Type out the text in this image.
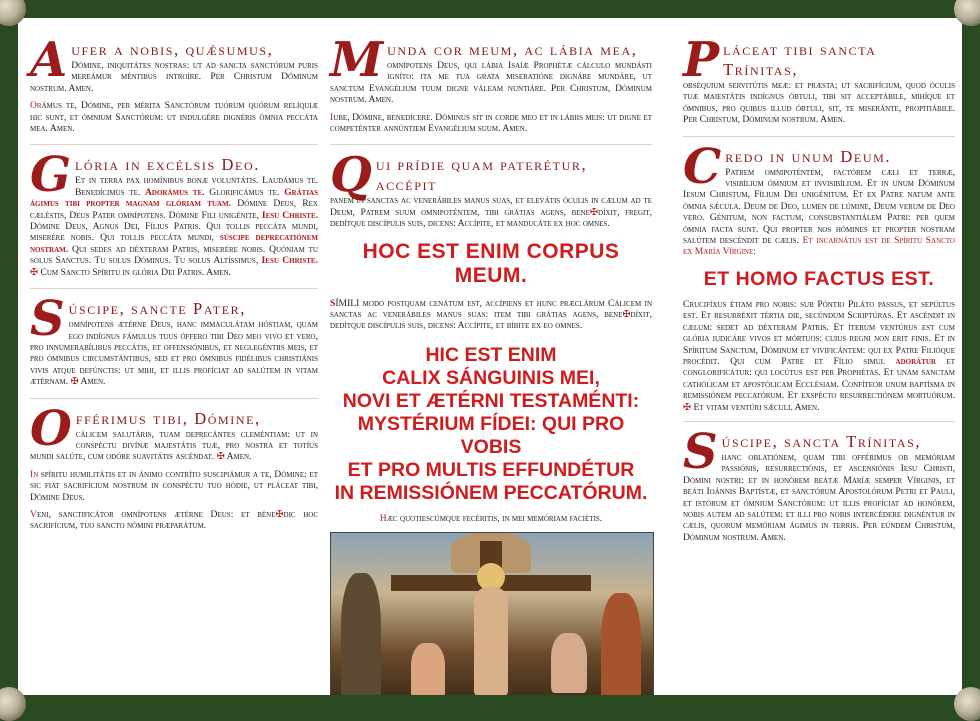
A ufer a nobis, quǽsumus,

Dómine, iniquitátes nostras: ut ad sancta sanctórum puris mereámur méntibus introíre. Per Christum Dóminum nostrum. Amen.

Orámus te, Dómine, per mérita Sanctórum tuórum quórum relíquiæ hic sunt, et ómnium Sanctórum: ut indulgére dignéris ómnia peccáta mea. Amen.

G lória in excélsis Deo.

Et in terra pax homínibus bonæ voluntátis. Laudámus te. Benedícimus te. Adorámus te. Glorificámus te. Grátias ágimus tibi propter magnam glóriam tuam. Dómine Deus, Rex cæléstis, Deus Pater omnípotens. Dómine Fili unigénite, Iesu Christe. Dómine Deus, Agnus Dei, Fílius Patris. Qui tollis peccáta mundi, miserére nobis. Qui tollis peccáta mundi, súscipe deprecatiónem nostram. Qui sedes ad déxteram Patris, miserére nobis. Quóniam tu solus Sanctus. Tu solus Dóminus. Tu solus Altíssimus, Iesu Christe. ✠ Cum Sancto Spíritu in glória Dei Patris. Amen.

S úscipe, sancte Pater,

omnípotens ætérne Deus, hanc immaculátam hóstiam, quam ego indígnus fámulus tuus óffero tibi Deo meo vivo et vero, pro innumerabílibus peccátis, et offensiónibus, et neglegéntiis meis, et pro ómnibus circumstántibus, sed et pro ómnibus fidélibus christiánis vivis atque defúnctis: ut mihi, et illis profíciat ad salútem in vitam ætérnam. ✠ Amen.

O fférimus tibi, Dómine,

cálicem salutáris, tuam deprecántes cleméntiam: ut in conspéctu divínæ majestátis tuæ, pro nostra et totíus mundi salúte, cum odóre suavitátis ascéndat. ✠ Amen.

In spíritu humilitátis et in ánimo contríto suscipiámur a te, Dómine: et sic fiat sacrifícium nostrum in conspéctu tuo hódie, ut pláceat tibi, Dómine Deus.

Veni, sanctificátor omnípotens ætérne Deus: et béne✠dic hoc sacrifícium, tuo sancto nómini præparátum.

M unda cor meum, ac lábia mea,

omnípotens Deus, qui lábia Isaíæ Prophétæ cálculo mundásti igníto: ita me tua grata miseratióne dignáre mundáre, ut sanctum Evangélium tuum digne váleam nuntiáre. Per Christum, Dóminum nostrum. Amen.

Iube, Dómine, benedícere. Dóminus sit in corde meo et in lábiis meis: ut digne et competénter annúntiem Evangélium suum. Amen.

Q ui prídie quam paterétur, accépit

panem in sanctas ac venerábiles manus suas, et elevátis óculis in cælum ad te Deum, Patrem suum omnipoténtem, tibi grátias agens, bene✠díxit, fregit, dedítque discípulis suis, dicens: Accípite, et manducáte ex hoc omnes.

HOC EST ENIM CORPUS MEUM.

SÍMILI modo postquam cenátum est, accípiens et hunc præclárum Cálicem in sanctas ac venerábiles manus suas: item tibi grátias agens, bene✠díxit, dedítque discípulis suis, dicens: Accípite, et bíbite ex eo omnes.

HIC EST ENIM
CALIX SÁNGUINIS MEI,
NOVI ET ÆTÉRNI TESTAMÉNTI:
MYSTÉRIUM FÍDEI: QUI PRO VOBIS
ET PRO MULTIS EFFUNDÉTUR
IN REMISSIÓNEM PECCATÓRUM.
Hæc quotiescúmque fecéritis, in mei memóriam faciétis.
P láceat tibi sancta Trínitas,

obséquium servitútis meæ: et præsta; ut sacrifícium, quod óculis tuæ maiestátis indígnus óbtuli, tibi sit acceptábile, mihíque et ómnibus, pro quibus illud óbtuli, sit, te miseránte, propitiábile. Per Christum, Dóminum nostrum. Amen.

C redo in unum Deum.

Patrem omnipoténtem, factórem cæli et terræ, visibílium ómnium et invisibílium. Et in unum Dóminum Iesum Christum, Fílium Dei unigénitum. Et ex Patre natum ante ómnia sǽcula. Deum de Deo, lumen de lúmine, Deum verum de Deo vero. Génitum, non factum, consubstantiálem Patri: per quem ómnia facta sunt. Qui propter nos hómines et propter nostram salútem descéndit de cælis. Et incarnátus est de Spíritu Sancto ex María Vírgine:

ET HOMO FACTUS EST.

Crucifíxus étiam pro nobis: sub Póntio Piláto passus, et sepúltus est. Et resurréxit tértia die, secúndum Scriptúras. Et ascéndit in cælum: sedet ad déxteram Patris. Et íterum ventúrus est cum glória iudicáre vivos et mórtuos: cuius regni non erit finis. Et in Spíritum Sanctum, Dóminum et vivificántem: qui ex Patre Filióque procédit. Qui cum Patre et Fílio simul adorátur et conglorificátur: qui locútus est per Prophétas. Et unam sanctam cathólicam et apostólicam Ecclésiam. Confíteor unum baptísma in remissiónem peccatórum. Et exspécto resurrectiónem mortuórum. ✠ Et vitam ventúri sǽculi. Amen.

S úscipe, sancta Trínitas,

hanc oblatiónem, quam tibi offérimus ob memóriam passiónis, resurrectiónis, et ascensiónis Iesu Christi, Dómini nostri: et in honórem beátæ Maríæ semper Vírginis, et beáti Ioánnis Baptístæ, et sanctórum Apostolórum Petri et Pauli, et istórum et ómnium Sanctórum: ut illis profíciat ad honórem, nobis autem ad salútem: et illi pro nobis intercédere dignéntur in cælis, quorum memóriam ágimus in terris. Per eúndem Christum, Dóminum nostrum. Amen.
